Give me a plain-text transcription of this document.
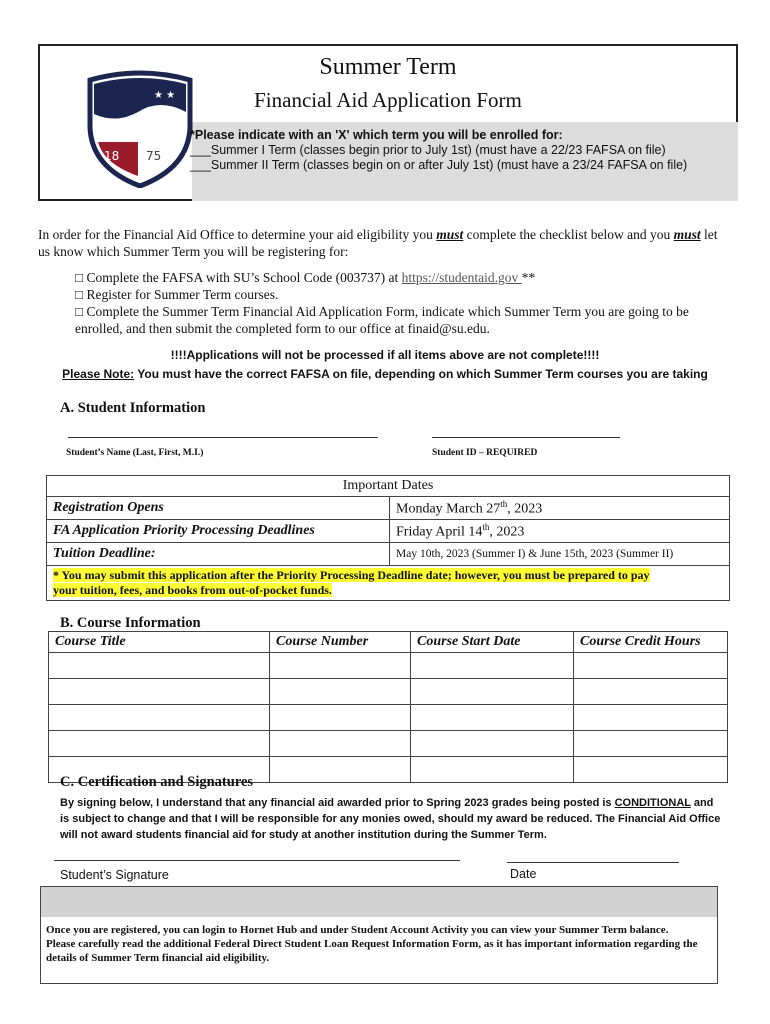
★ ★
18 75
Summer Term
Financial Aid Application Form
*Please indicate with an 'X' which term you will be enrolled for:
___Summer I Term (classes begin prior to July 1st) (must have a 22/23 FAFSA on file)
___Summer II Term (classes begin on or after July 1st) (must have a 23/24 FAFSA on file)
In order for the Financial Aid Office to determine your aid eligibility you must complete the checklist below and you must let us know which Summer Term you will be registering for:
□ Complete the FAFSA with SU’s School Code (003737) at https://studentaid.gov **
□ Register for Summer Term courses.
□ Complete the Summer Term Financial Aid Application Form, indicate which Summer Term you are going to be enrolled, and then submit the completed form to our office at finaid@su.edu.
!!!!Applications will not be processed if all items above are not complete!!!!
Please Note: You must have the correct FAFSA on file, depending on which Summer Term courses you are taking
A. Student Information
Student’s Name (Last, First, M.I.)	Student ID – REQUIRED
Important Dates	
Registration Opens	Monday March 27th, 2023
FA Application Priority Processing Deadlines	Friday April 14th, 2023
Tuition Deadline:	May 10th, 2023 (Summer I) & June 15th, 2023 (Summer II)
* You may submit this application after the Priority Processing Deadline date; however, you must be prepared to pay
your tuition, fees, and books from out-of-pocket funds.	
B. Course Information
Course Title	Course Number	Course Start Date	Course Credit Hours

C. Certification and Signatures
By signing below, I understand that any financial aid awarded prior to Spring 2023 grades being posted is CONDITIONAL and is subject to change and that I will be responsible for any monies owed, should my award be reduced. The Financial Aid Office will not award students financial aid for study at another institution during the Summer Term.
Student’s Signature	Date
Once you are registered, you can login to Hornet Hub and under Student Account Activity you can view your Summer Term balance.
Please carefully read the additional Federal Direct Student Loan Request Information Form, as it has important information regarding the details of Summer Term financial aid eligibility.
